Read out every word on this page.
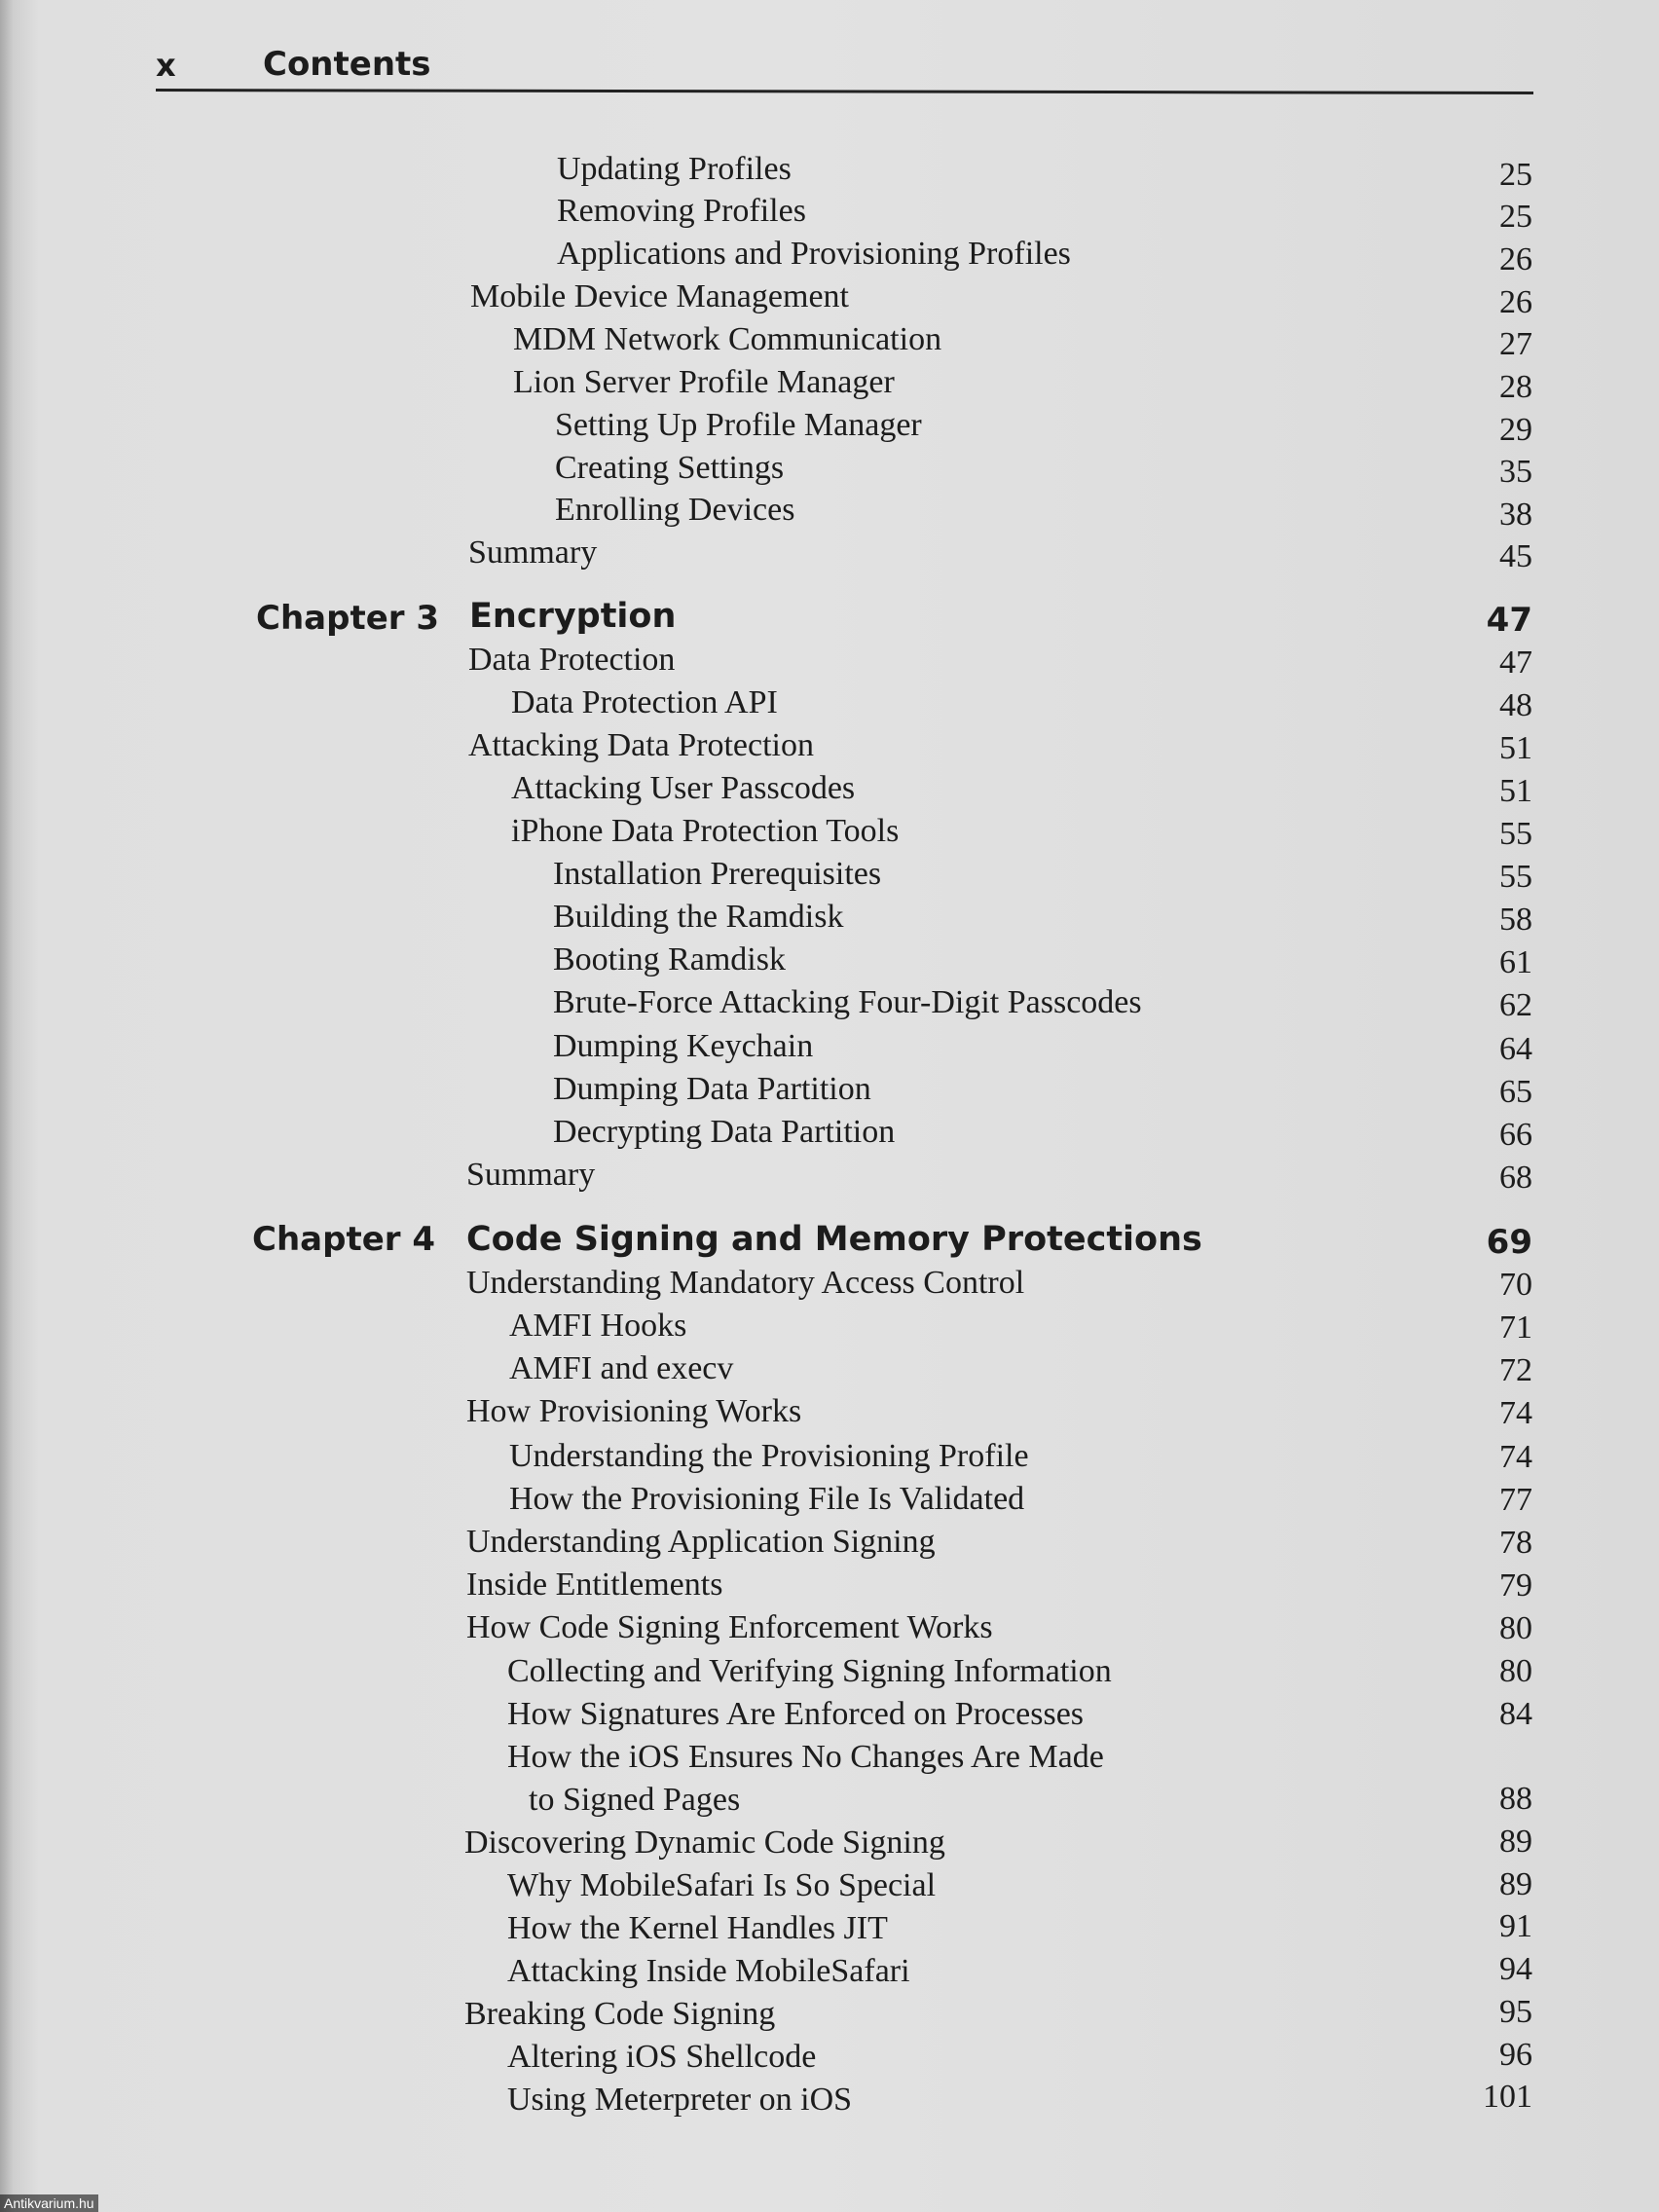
x	Contents
Updating Profiles	25
Removing Profiles	25
Applications and Provisioning Profiles	26
Mobile Device Management	26
MDM Network Communication	27
Lion Server Profile Manager	28
Setting Up Profile Manager	29
Creating Settings	35
Enrolling Devices	38
Summary	45
Chapter 3 Encryption	47
Data Protection	47
Data Protection API	48
Attacking Data Protection	51
Attacking User Passcodes	51
iPhone Data Protection Tools	55
Installation Prerequisites	55
Building the Ramdisk	58
Booting Ramdisk	61
Brute-Force Attacking Four-Digit Passcodes	62
Dumping Keychain	64
Dumping Data Partition	65
Decrypting Data Partition	66
Summary	68
Chapter 4 Code Signing and Memory Protections	69
Understanding Mandatory Access Control	70
AMFI Hooks	71
AMFI and execv	72
How Provisioning Works	74
Understanding the Provisioning Profile	74
How the Provisioning File Is Validated	77
Understanding Application Signing	78
Inside Entitlements	79
How Code Signing Enforcement Works	80
Collecting and Verifying Signing Information	80
How Signatures Are Enforced on Processes	84
How the iOS Ensures No Changes Are Made
to Signed Pages	88
Discovering Dynamic Code Signing	89
Why MobileSafari Is So Special	89
How the Kernel Handles JIT	91
Attacking Inside MobileSafari	94
Breaking Code Signing	95
Altering iOS Shellcode	96
Using Meterpreter on iOS	101
Antikvarium.hu
